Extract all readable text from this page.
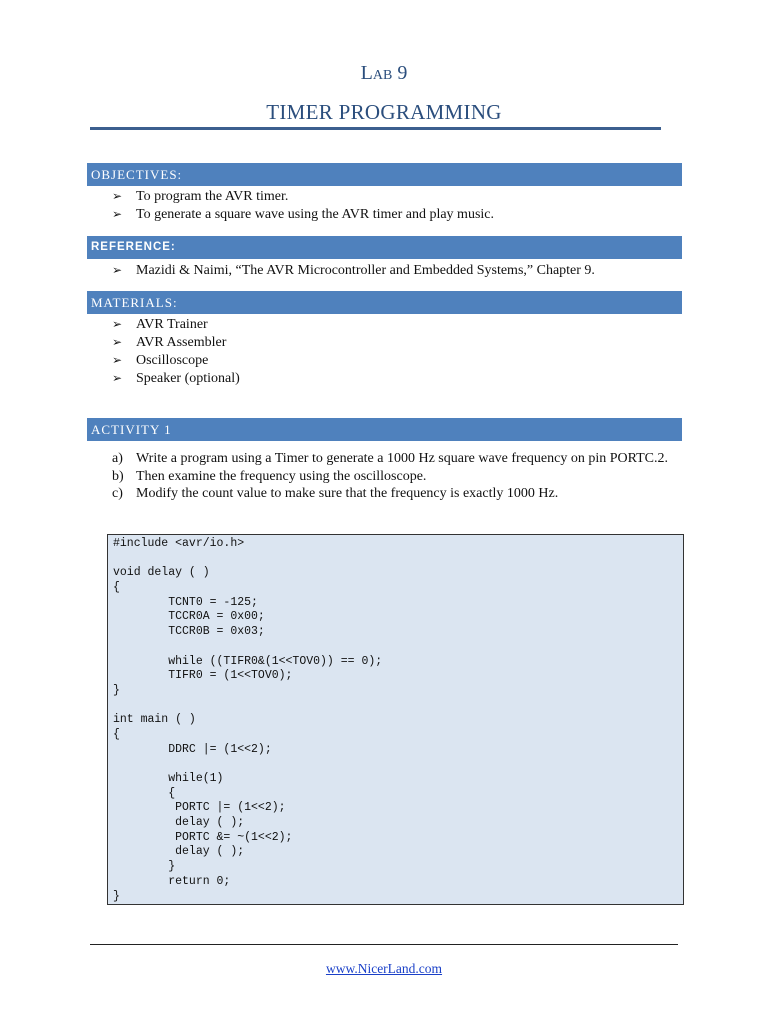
Lab 9
TIMER PROGRAMMING
OBJECTIVES:
➢ To program the AVR timer.
➢ To generate a square wave using the AVR timer and play music.
REFERENCE:
➢ Mazidi & Naimi, “The AVR Microcontroller and Embedded Systems,” Chapter 9.
MATERIALS:
➢ AVR Trainer
➢ AVR Assembler
➢ Oscilloscope
➢ Speaker (optional)
ACTIVITY 1
a) Write a program using a Timer to generate a 1000 Hz square wave frequency on pin PORTC.2.
b) Then examine the frequency using the oscilloscope.
c) Modify the count value to make sure that the frequency is exactly 1000 Hz.
#include <avr/io.h>
void delay ( )
{
TCNT0 = -125;
TCCR0A = 0x00;
TCCR0B = 0x03;
while ((TIFR0&(1<<TOV0)) == 0);
TIFR0 = (1<<TOV0);
}
int main ( )
{
DDRC |= (1<<2);
while(1)
{
PORTC |= (1<<2);
delay ( );
PORTC &= ~(1<<2);
delay ( );
}
return 0;
}
www.NicerLand.com
